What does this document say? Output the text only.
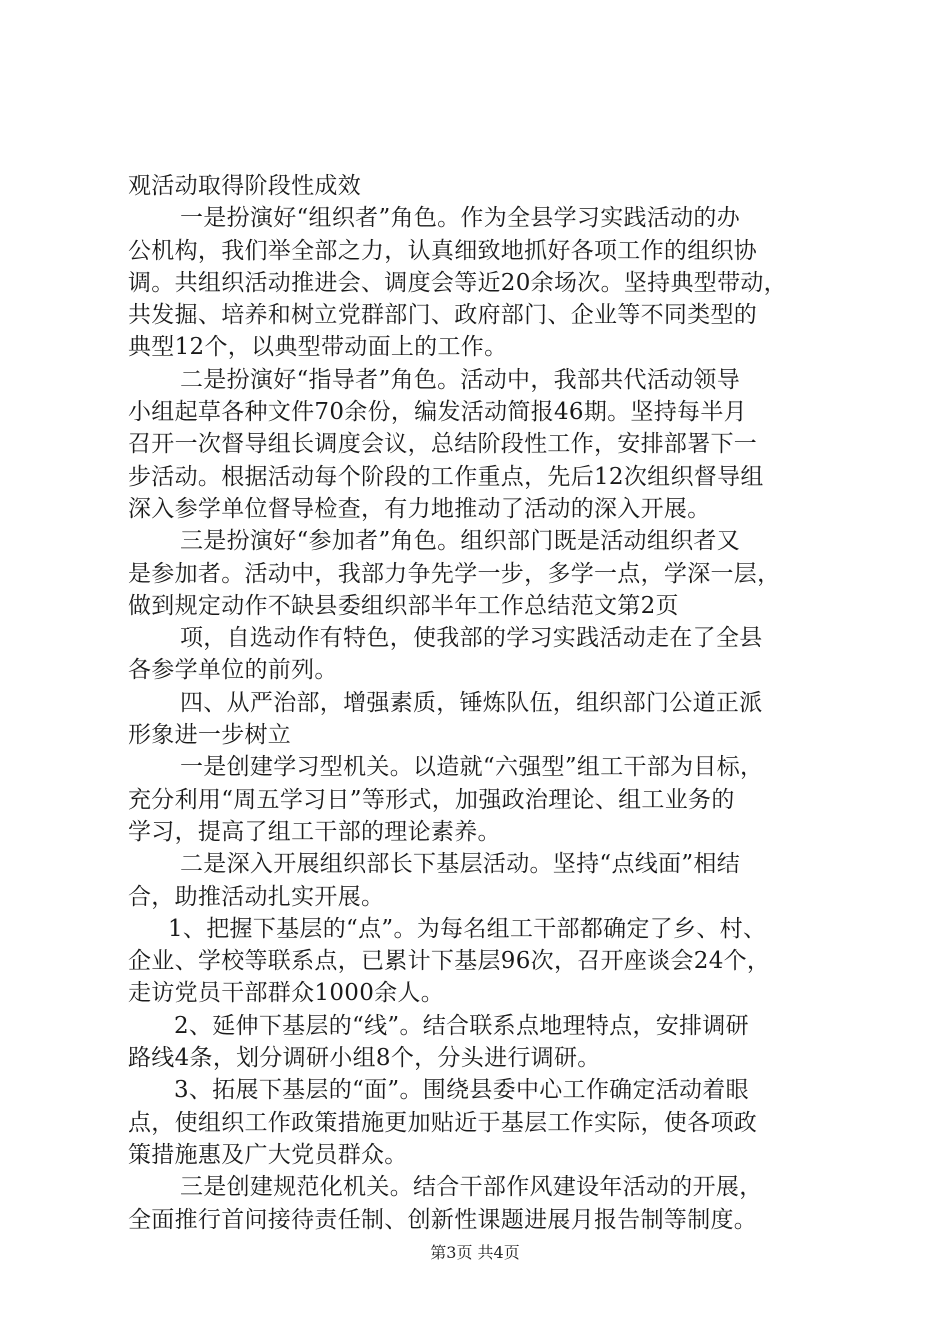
观活动取得阶段性成效
一是扮演好“组织者”角色。作为全县学习实践活动的办
公机构，我们举全部之力，认真细致地抓好各项工作的组织协
调。共组织活动推进会、调度会等近20余场次。坚持典型带动，
共发掘、培养和树立党群部门、政府部门、企业等不同类型的
典型12个，以典型带动面上的工作。
二是扮演好“指导者”角色。活动中，我部共代活动领导
小组起草各种文件70余份，编发活动简报46期。坚持每半月
召开一次督导组长调度会议，总结阶段性工作，安排部署下一
步活动。根据活动每个阶段的工作重点，先后12次组织督导组
深入参学单位督导检查，有力地推动了活动的深入开展。
三是扮演好“参加者”角色。组织部门既是活动组织者又
是参加者。活动中，我部力争先学一步，多学一点，学深一层，
做到规定动作不缺县委组织部半年工作总结范文第2页
项，自选动作有特色，使我部的学习实践活动走在了全县
各参学单位的前列。
四、从严治部，增强素质，锤炼队伍，组织部门公道正派
形象进一步树立
一是创建学习型机关。以造就“六强型”组工干部为目标，
充分利用“周五学习日”等形式，加强政治理论、组工业务的
学习，提高了组工干部的理论素养。
二是深入开展组织部长下基层活动。坚持“点线面”相结
合，助推活动扎实开展。
1、把握下基层的“点”。为每名组工干部都确定了乡、村、
企业、学校等联系点，已累计下基层96次，召开座谈会24个，
走访党员干部群众1000余人。
2、延伸下基层的“线”。结合联系点地理特点，安排调研
路线4条，划分调研小组8个，分头进行调研。
3、拓展下基层的“面”。围绕县委中心工作确定活动着眼
点，使组织工作政策措施更加贴近于基层工作实际，使各项政
策措施惠及广大党员群众。
三是创建规范化机关。结合干部作风建设年活动的开展，
全面推行首问接待责任制、创新性课题进展月报告制等制度。
第3页 共4页
